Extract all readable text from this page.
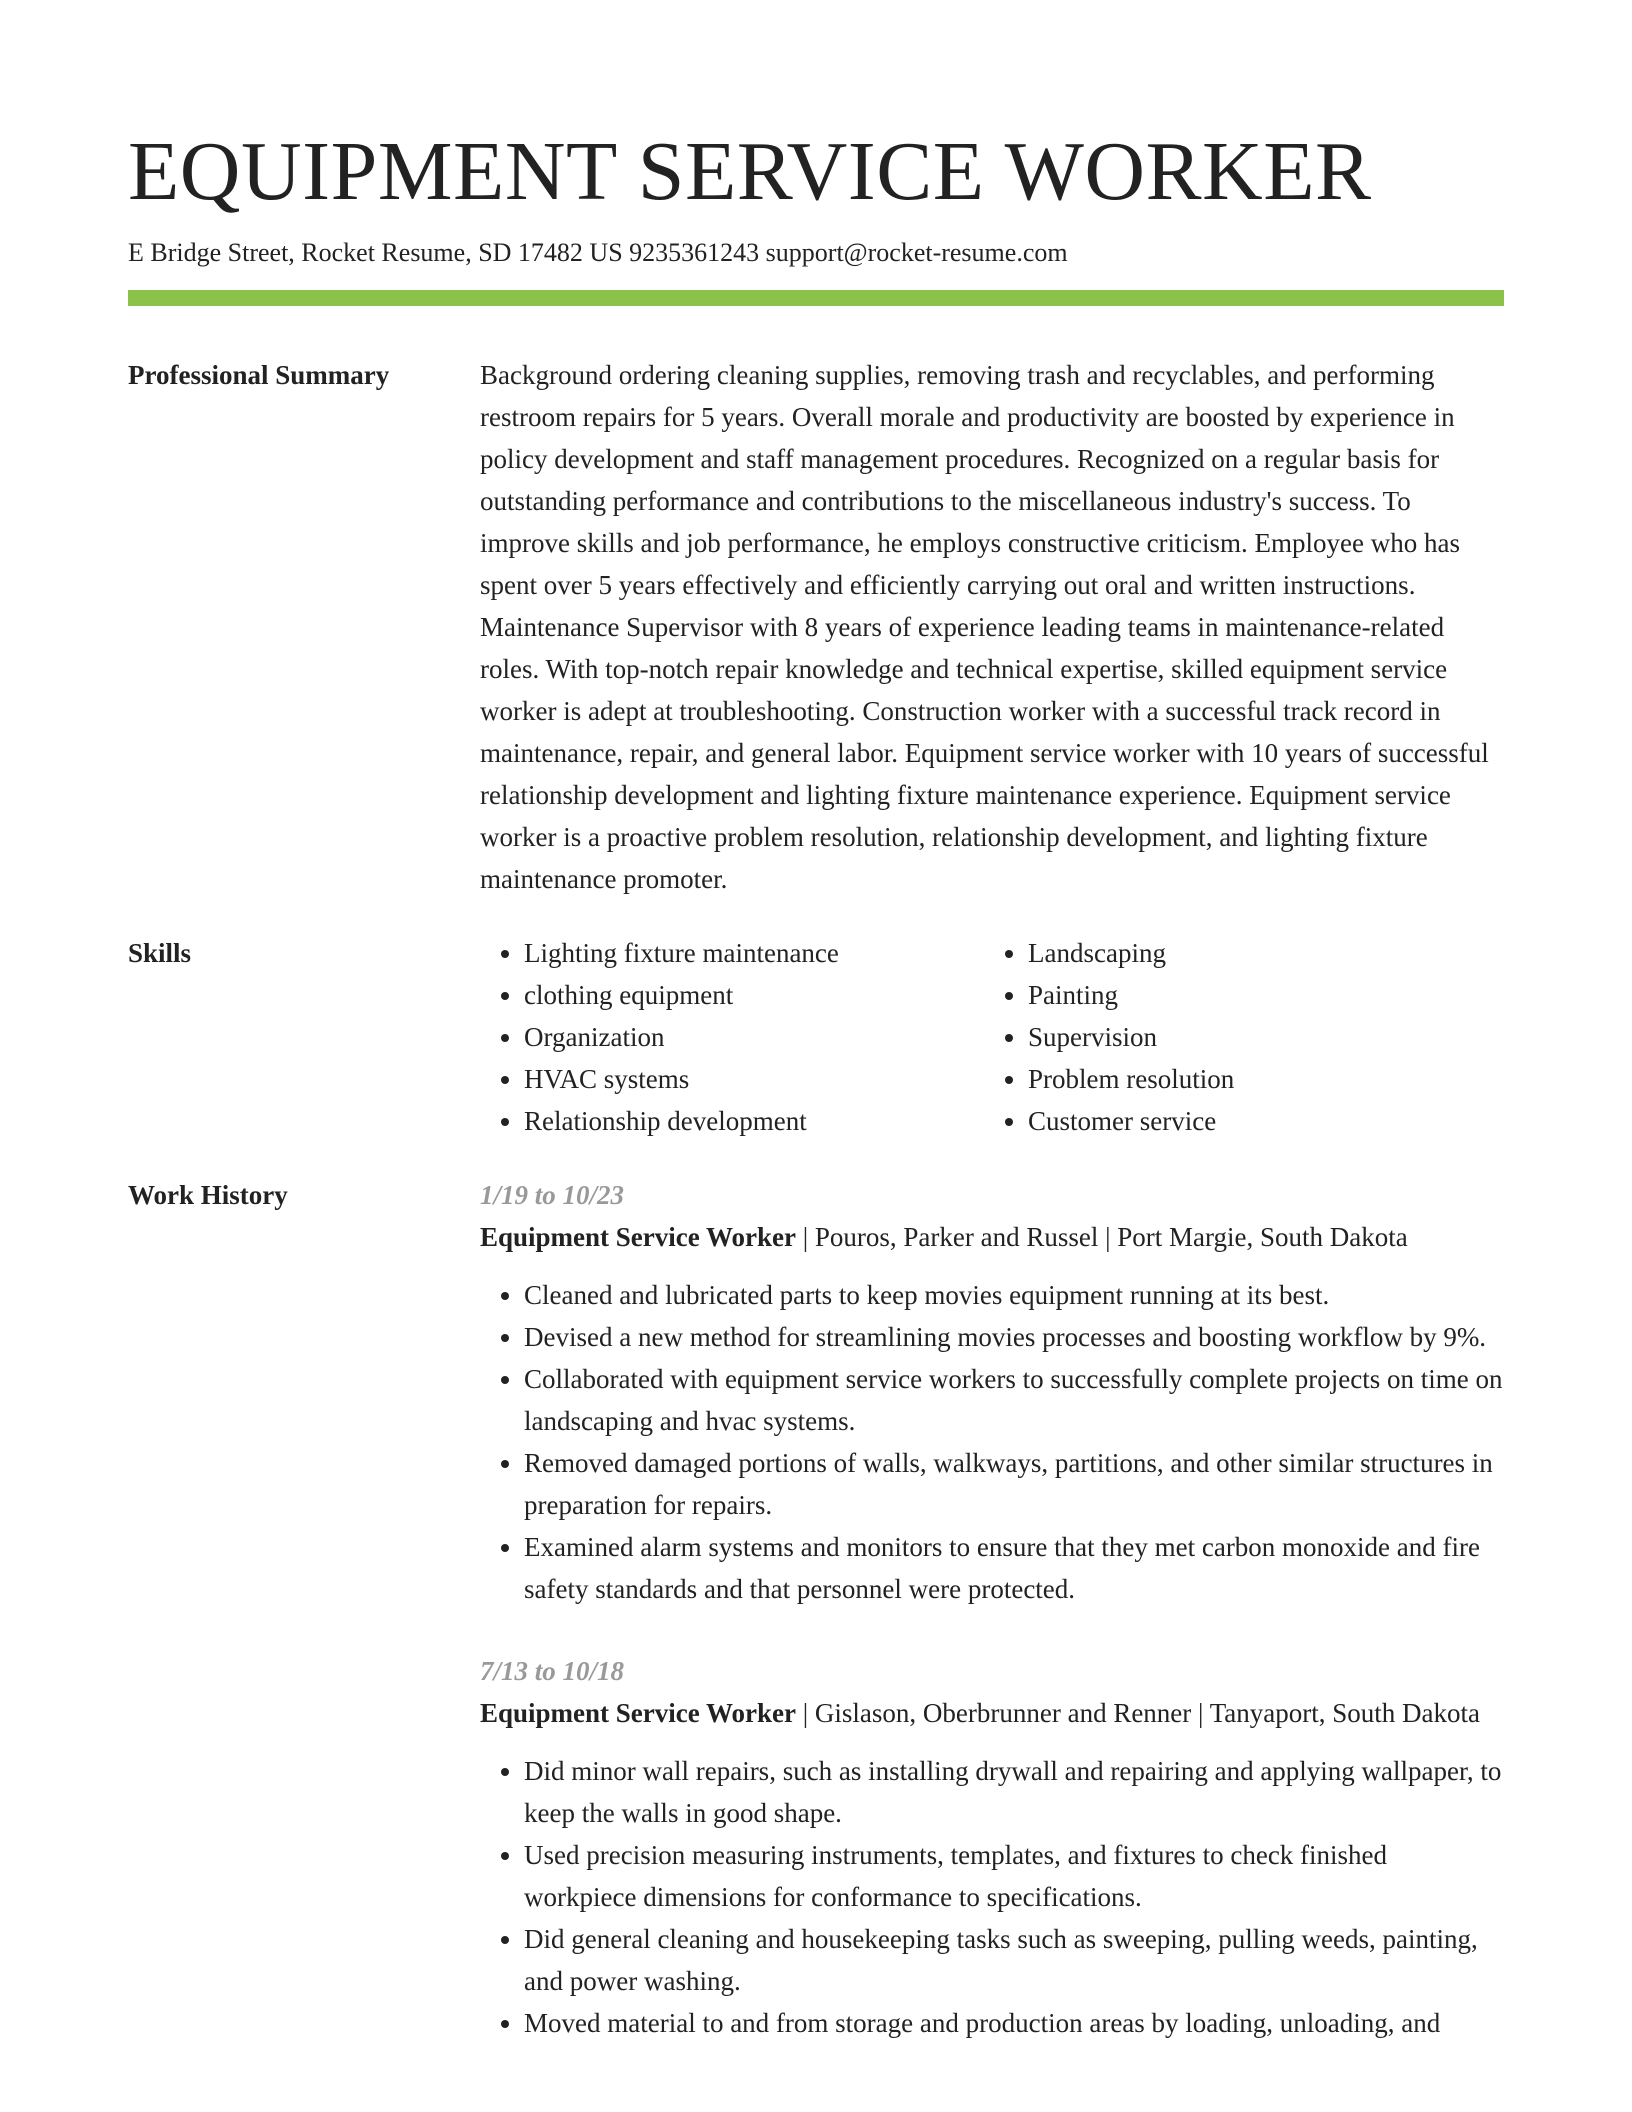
EQUIPMENT SERVICE WORKER
E Bridge Street, Rocket Resume, SD 17482 US 9235361243 support@rocket-resume.com
Professional Summary	Background ordering cleaning supplies, removing trash and recyclables, and performing restroom repairs for 5 years. Overall morale and productivity are boosted by experience in policy development and staff management procedures. Recognized on a regular basis for outstanding performance and contributions to the miscellaneous industry's success. To improve skills and job performance, he employs constructive criticism. Employee who has spent over 5 years effectively and efficiently carrying out oral and written instructions. Maintenance Supervisor with 8 years of experience leading teams in maintenance-related roles. With top-notch repair knowledge and technical expertise, skilled equipment service worker is adept at troubleshooting. Construction worker with a successful track record in maintenance, repair, and general labor. Equipment service worker with 10 years of successful relationship development and lighting fixture maintenance experience. Equipment service worker is a proactive problem resolution, relationship development, and lighting fixture maintenance promoter.

Skills
•	Lighting fixture maintenance
• clothing equipment
• Organization
• HVAC systems
• Relationship development
• Landscaping
• Painting
• Supervision
• Problem resolution
• Customer service
Work History	1/19 to 10/23
Equipment Service Worker | Pouros, Parker and Russel | Port Margie, South Dakota
• Cleaned and lubricated parts to keep movies equipment running at its best.
• Devised a new method for streamlining movies processes and boosting workflow by 9%.
• Collaborated with equipment service workers to successfully complete projects on time on landscaping and hvac systems.
• Removed damaged portions of walls, walkways, partitions, and other similar structures in preparation for repairs.
• Examined alarm systems and monitors to ensure that they met carbon monoxide and fire safety standards and that personnel were protected.
7/13 to 10/18
Equipment Service Worker | Gislason, Oberbrunner and Renner | Tanyaport, South Dakota
• Did minor wall repairs, such as installing drywall and repairing and applying wallpaper, to keep the walls in good shape.
• Used precision measuring instruments, templates, and fixtures to check finished workpiece dimensions for conformance to specifications.
• Did general cleaning and housekeeping tasks such as sweeping, pulling weeds, painting, and power washing.
• Moved material to and from storage and production areas by loading, unloading, and
